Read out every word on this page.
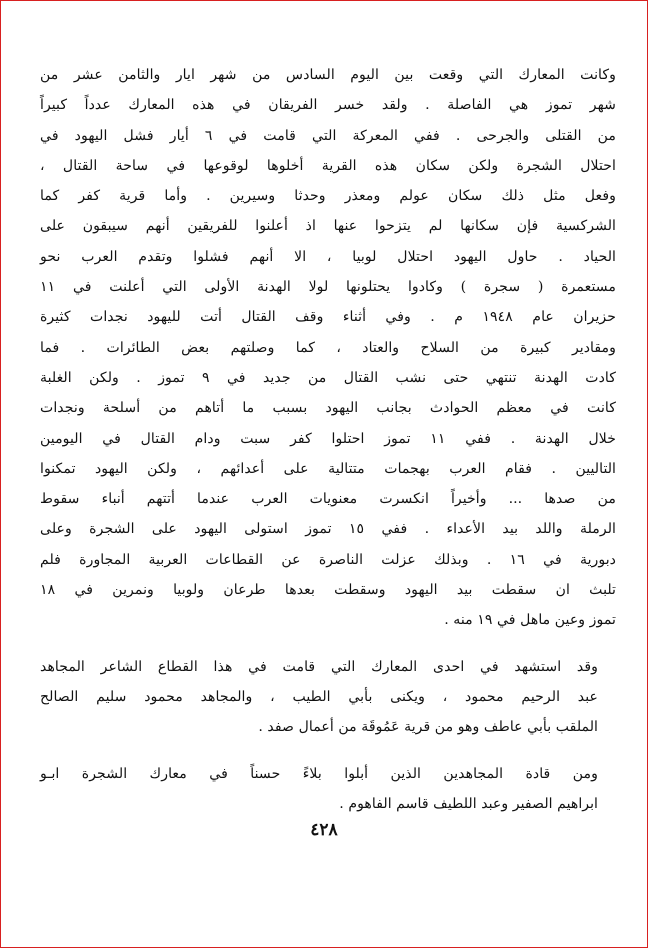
وكانت المعارك التي وقعت بين اليوم السادس من شهر ايار والثامن عشر من
شهر تموز هي الفاصلة . ولقد خسر الفريقان في هذه المعارك عدداً كبيراً
من القتلى والجرحى . ففي المعركة التي قامت في ٦ أيار فشل اليهود في
احتلال الشجرة ولكن سكان هذه القرية أخلوها لوقوعها في ساحة القتال ،
وفعل مثل ذلك سكان عولم ومعذر وحدثا وسيرين . وأما قرية كفر كما
الشركسية فإن سكانها لم يتزحوا عنها اذ أعلنوا للفريقين أنهم سيبقون على
الحياد . حاول اليهود احتلال لوبيا ، الا أنهم فشلوا وتقدم العرب نحو
مستعمرة ( سجرة ) وكادوا يحتلونها لولا الهدنة الأولى التي أعلنت في ١١
حزيران عام ١٩٤٨ م . وفي أثناء وقف القتال أتت لليهود نجدات كثيرة
ومقادير كبيرة من السلاح والعتاد ، كما وصلتهم بعض الطائرات . فما
كادت الهدنة تنتهي حتى نشب القتال من جديد في ٩ تموز . ولكن الغلبة
كانت في معظم الحوادث بجانب اليهود بسبب ما أتاهم من أسلحة ونجدات
خلال الهدنة . ففي ١١ تموز احتلوا كفر سبت ودام القتال في اليومين
التاليين . فقام العرب بهجمات متتالية على أعدائهم ، ولكن اليهود تمكنوا
من صدها ... وأخيراً انكسرت معنويات العرب عندما أتتهم أنباء سقوط
الرملة واللد بيد الأعداء . ففي ١٥ تموز استولى اليهود على الشجرة وعلى
دبورية في ١٦ . وبذلك عزلت الناصرة عن القطاعات العربية المجاورة فلم
تلبث ان سقطت بيد اليهود وسقطت بعدها طرعان ولوبيا ونمرين في ١٨
تموز وعين ماهل في ١٩ منه .

وقد استشهد في احدى المعارك التي قامت في هذا القطاع الشاعر المجاهد
عبد الرحيم محمود ، ويكنى بأبي الطيب ، والمجاهد محمود سليم الصالح
الملقب بأبي عاطف وهو من قرية عَمُوقَة من أعمال صفد .

ومن قادة المجاهدين الذين أبلوا بلاءً حسناً في معارك الشجرة ابـو
ابراهيم الصفير وعبد اللطيف قاسم الفاهوم .

٤٢٨
